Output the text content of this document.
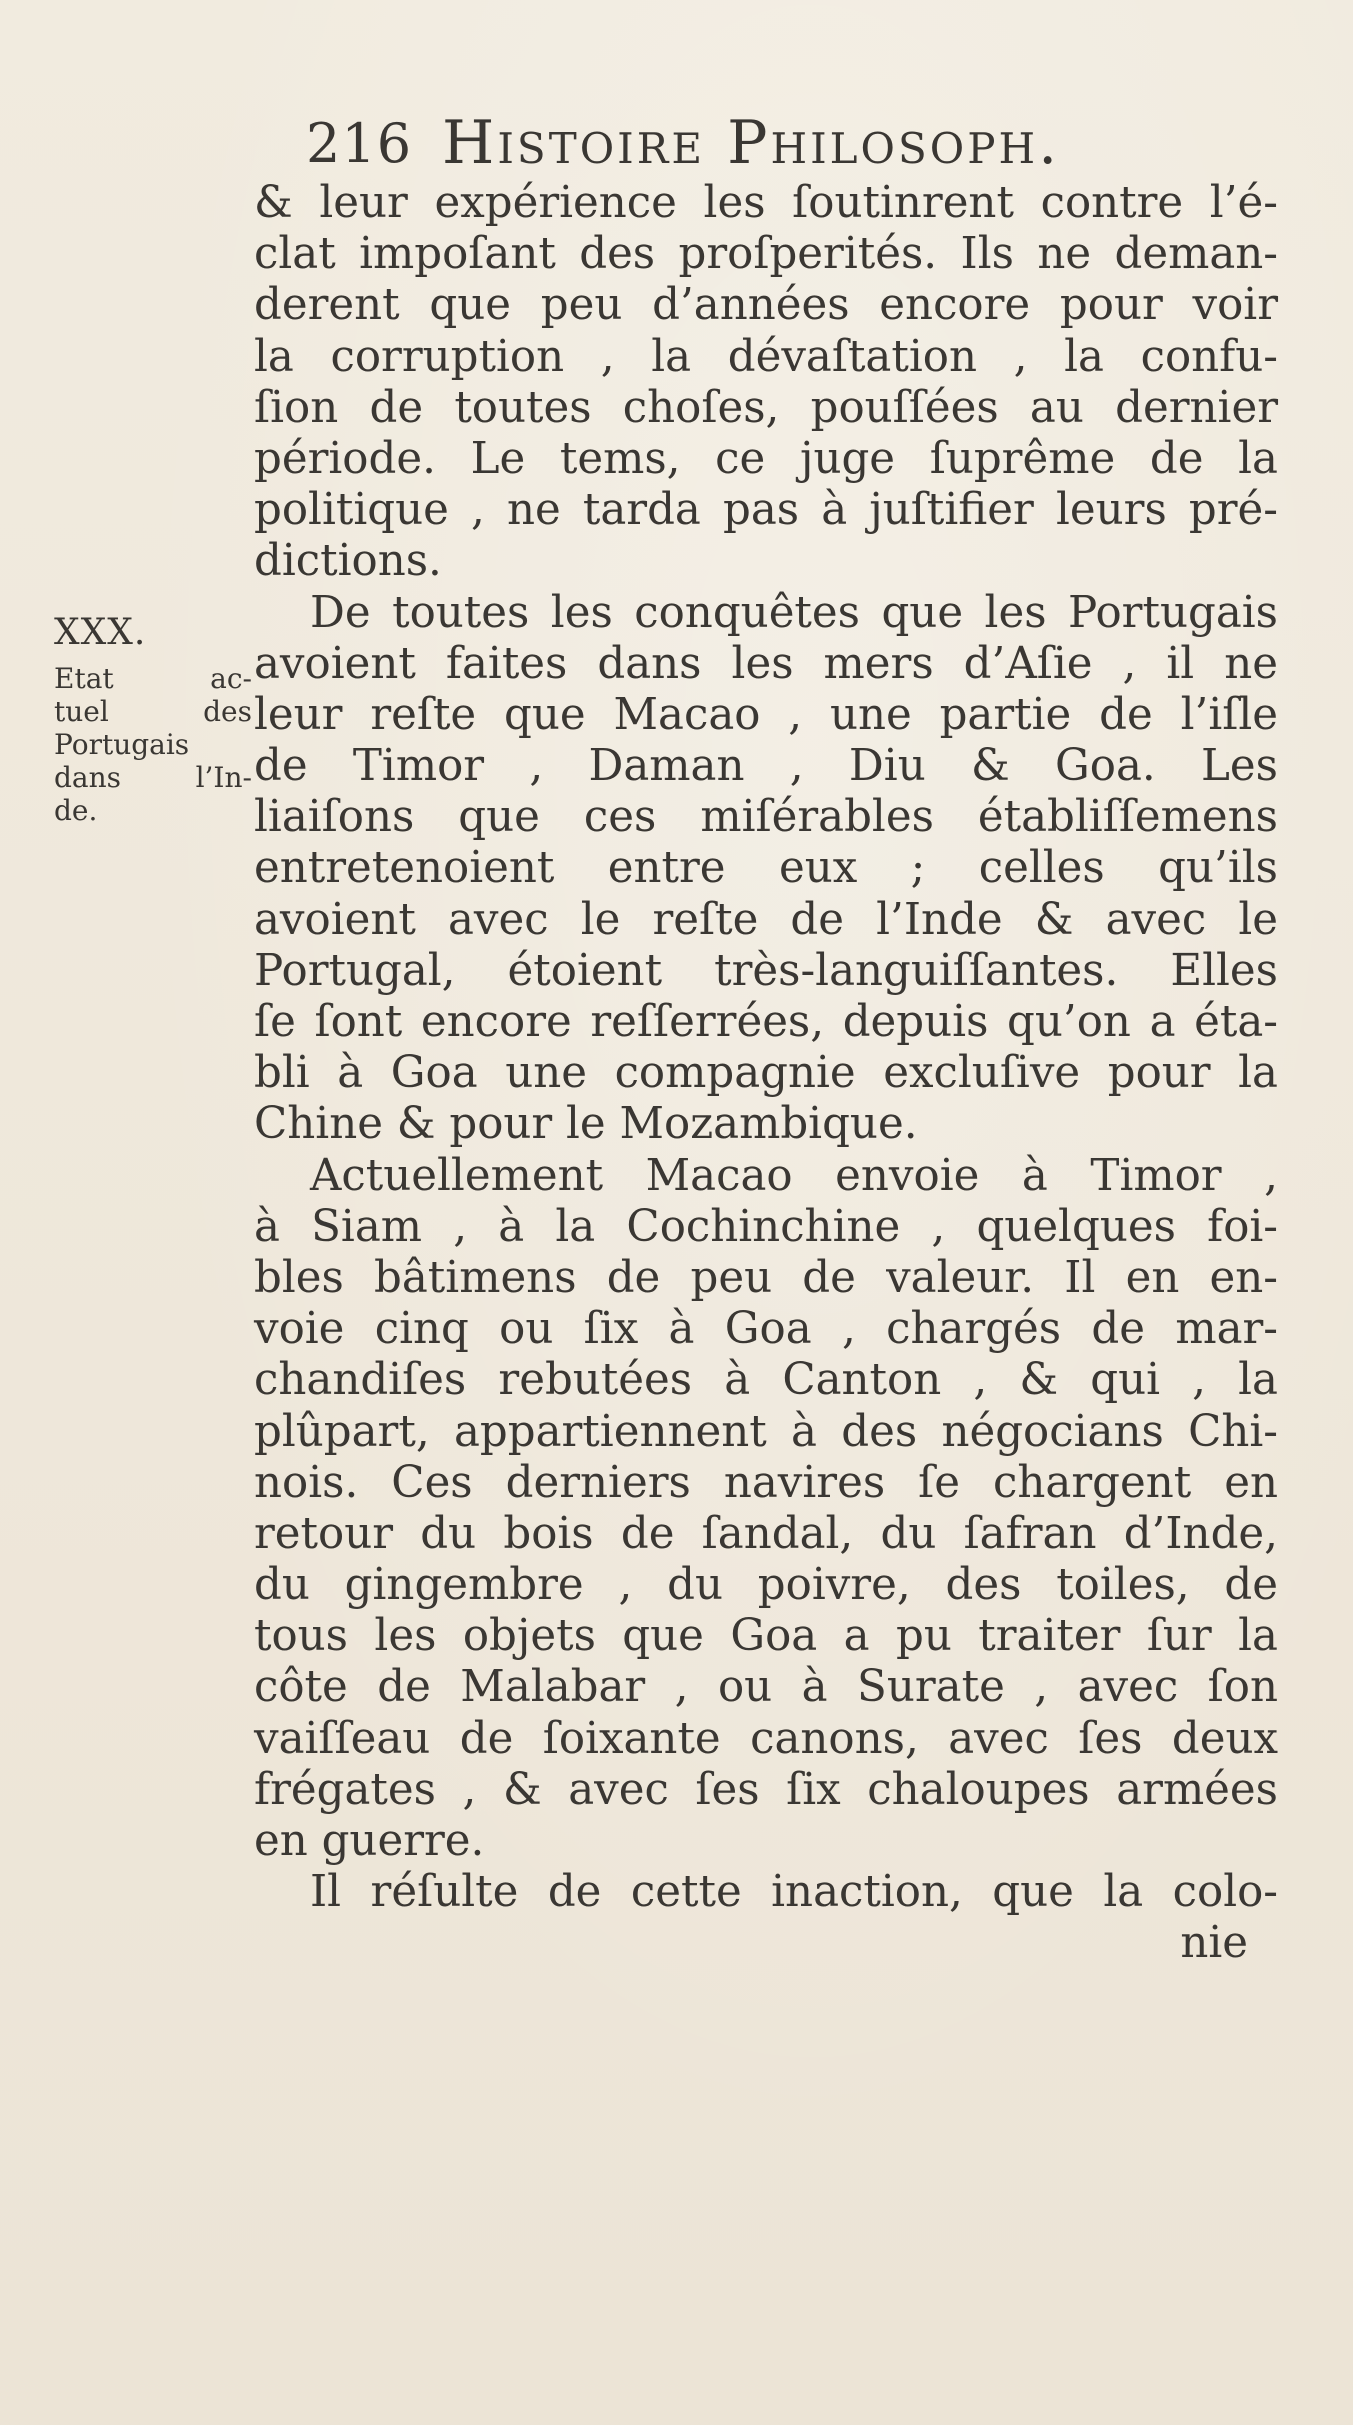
216 Histoire Philosoph.
XXX.
Etat ac-
tuel des
Portugais
dans l’In-
de.
& leur expérience les ſoutinrent contre l’é-
clat impoſant des proſperités. Ils ne deman-
derent que peu d’années encore pour voir
la corruption , la dévaſtation , la confu-
ſion de toutes choſes, pouſſées au dernier
période. Le tems, ce juge ſuprême de la
politique , ne tarda pas à juſtifier leurs pré-
dictions.
De toutes les conquêtes que les Portugais
avoient faites dans les mers d’Aſie , il ne
leur reſte que Macao , une partie de l’iſle
de Timor , Daman , Diu & Goa. Les
liaiſons que ces miſérables établiſſemens
entretenoient entre eux ; celles qu’ils
avoient avec le reſte de l’Inde & avec le
Portugal, étoient très-languiſſantes. Elles
ſe ſont encore reſſerrées, depuis qu’on a éta-
bli à Goa une compagnie excluſive pour la
Chine & pour le Mozambique.
Actuellement Macao envoie à Timor ,
à Siam , à la Cochinchine , quelques foi-
bles bâtimens de peu de valeur. Il en en-
voie cinq ou ſix à Goa , chargés de mar-
chandiſes rebutées à Canton , & qui , la
plûpart, appartiennent à des négocians Chi-
nois. Ces derniers navires ſe chargent en
retour du bois de ſandal, du ſafran d’Inde,
du gingembre , du poivre, des toiles, de
tous les objets que Goa a pu traiter ſur la
côte de Malabar , ou à Surate , avec ſon
vaiſſeau de ſoixante canons, avec ſes deux
frégates , & avec ſes ſix chaloupes armées
en guerre.
Il réſulte de cette inaction, que la colo-
nie
